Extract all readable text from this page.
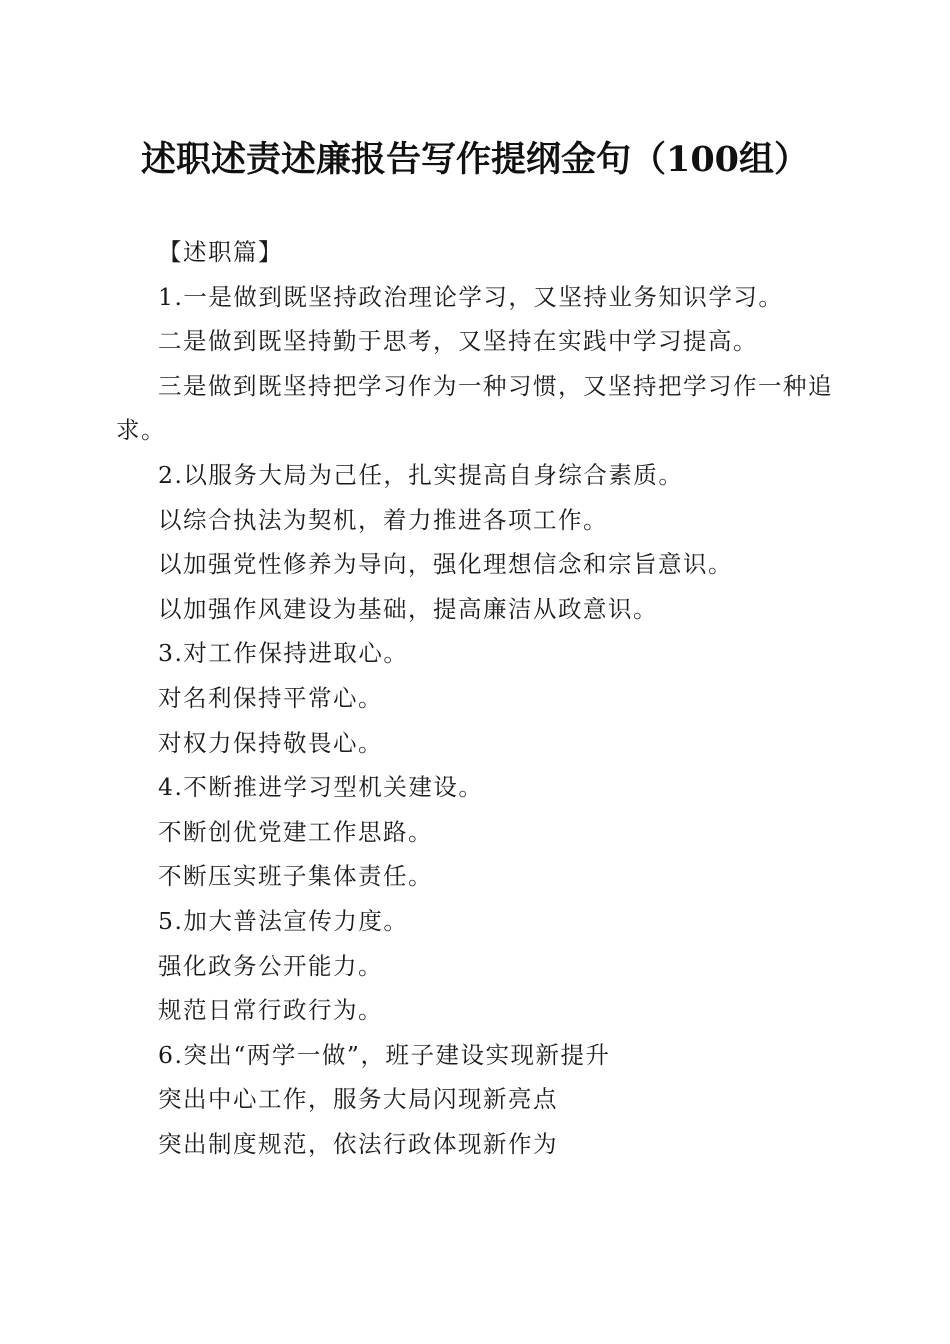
述职述责述廉报告写作提纲金句（100组）
【述职篇】
1.一是做到既坚持政治理论学习，又坚持业务知识学习。
二是做到既坚持勤于思考，又坚持在实践中学习提高。
三是做到既坚持把学习作为一种习惯，又坚持把学习作一种追求。
2.以服务大局为己任，扎实提高自身综合素质。
以综合执法为契机，着力推进各项工作。
以加强党性修养为导向，强化理想信念和宗旨意识。
以加强作风建设为基础，提高廉洁从政意识。
3.对工作保持进取心。
对名利保持平常心。
对权力保持敬畏心。
4.不断推进学习型机关建设。
不断创优党建工作思路。
不断压实班子集体责任。
5.加大普法宣传力度。
强化政务公开能力。
规范日常行政行为。
6.突出“两学一做”，班子建设实现新提升
突出中心工作，服务大局闪现新亮点
突出制度规范，依法行政体现新作为
